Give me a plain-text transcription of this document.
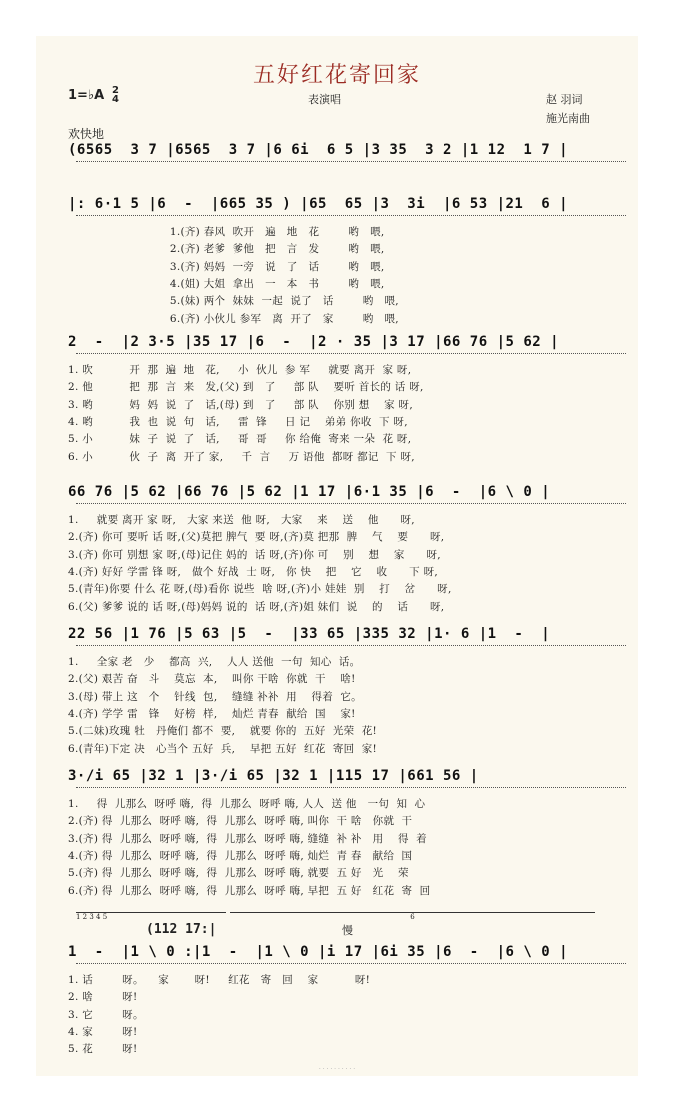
五好红花寄回家
1=♭A 2
4	表演唱	赵 羽词
施光南曲
欢快地
(6565  3 7 |6565  3 7 |6 6i  6 5 |3 35  3 2 |1 12  1 7 |
|: 6·1 5 |6  -  |665 35 ) |65  65 |3  3i  |6 53 |21  6 |
1.(齐) 春风  吹开   遍   地   花        哟   喂,
2.(齐) 老爹  爹他   把   言   发        哟   喂,
3.(齐) 妈妈  一旁   说   了   话        哟   喂,
4.(姐) 大姐  拿出   一   本   书        哟   喂,
5.(妹) 两个  妹妹  一起  说了   话        哟   喂,
6.(齐) 小伙儿 参军   离  开了   家        哟   喂,
2  -  |2 3·5 |35 17 |6  -  |2 · 35 |3 17 |66 76 |5 62 |
1. 吹          开  那  遍  地   花,     小  伙儿  参 军     就要 离开  家 呀,
2. 他          把  那  言  来   发,(父) 到   了     部 队    要听 首长的 话 呀,
3. 哟          妈  妈  说  了   话,(母) 到   了     部 队    你别 想    家 呀,
4. 哟          我  也  说  句   话,     雷  锋     日 记    弟弟 你收  下 呀,
5. 小          妹  子  说  了   话,     哥  哥     你 给俺  寄来 一朵  花 呀,
6. 小          伙  子  离  开了 家,     千  言     万 语他  都呀 都记  下 呀,
66 76 |5 62 |66 76 |5 62 |1 17 |6·1 35 |6  -  |6 \ 0 |
1.     就要 离开 家 呀,   大家 来送  他 呀,   大家    来    送    他      呀,
2.(齐) 你可 要听 话 呀,(父)莫把 脾气  要 呀,(齐)莫 把那  脾    气    要      呀,
3.(齐) 你可 别想 家 呀,(母)记住 妈的  话 呀,(齐)你 可    别    想    家      呀,
4.(齐) 好好 学雷 锋 呀,   做个 好战  士 呀,   你 快    把    它    收      下 呀,
5.(青年)你要 什么 花 呀,(母)看你 说些  啥 呀,(齐)小 娃娃  别    打    岔      呀,
6.(父) 爹爹 说的 话 呀,(母)妈妈 说的  话 呀,(齐)姐 妹们  说    的    话      呀,
22 56 |1 76 |5 63 |5  -  |33 65 |335 32 |1· 6 |1  -  |
1.     全家 老   少    都高  兴,    人人 送他  一句  知心  话。
2.(父) 艰苦 奋   斗    莫忘  本,    叫你 干啥  你就  干    啥!
3.(母) 带上 这   个    针线  包,    缝缝 补补  用    得着  它。
4.(齐) 学学 雷   锋    好榜  样,    灿烂 青春  献给  国    家!
5.(二妹)玫瑰 牡   丹俺们 都不  要,    就要 你的  五好  光荣  花!
6.(青年)下定 决   心当个 五好  兵,    早把 五好  红花  寄回  家!
3·/i 65 |32 1 |3·/i 65 |32 1 |115 17 |661 56 |
1.     得  儿那么  呀呼 嗨,  得  儿那么  呀呼 嗨, 人人  送 他   一句  知  心
2.(齐) 得  儿那么  呀呼 嗨,  得  儿那么  呀呼 嗨, 叫你  干 啥   你就  干
3.(齐) 得  儿那么  呀呼 嗨,  得  儿那么  呀呼 嗨, 缝缝  补 补   用    得  着
4.(齐) 得  儿那么  呀呼 嗨,  得  儿那么  呀呼 嗨, 灿烂  青 春   献给  国
5.(齐) 得  儿那么  呀呼 嗨,  得  儿那么  呀呼 嗨, 就要  五 好   光    荣
6.(齐) 得  儿那么  呀呼 嗨,  得  儿那么  呀呼 嗨, 早把  五 好   红花  寄  回
1 2 3 4 5	6
(112 17:|	慢
1  -  |1 \ 0 :|1  -  |1 \ 0 |i 17 |6i 35 |6  -  |6 \ 0 |
1. 话        呀。    家       呀!     红花   寄   回    家          呀!
2. 啥        呀!
3. 它        呀。
4. 家        呀!
5. 花        呀!
· · · · · · · · · ·
